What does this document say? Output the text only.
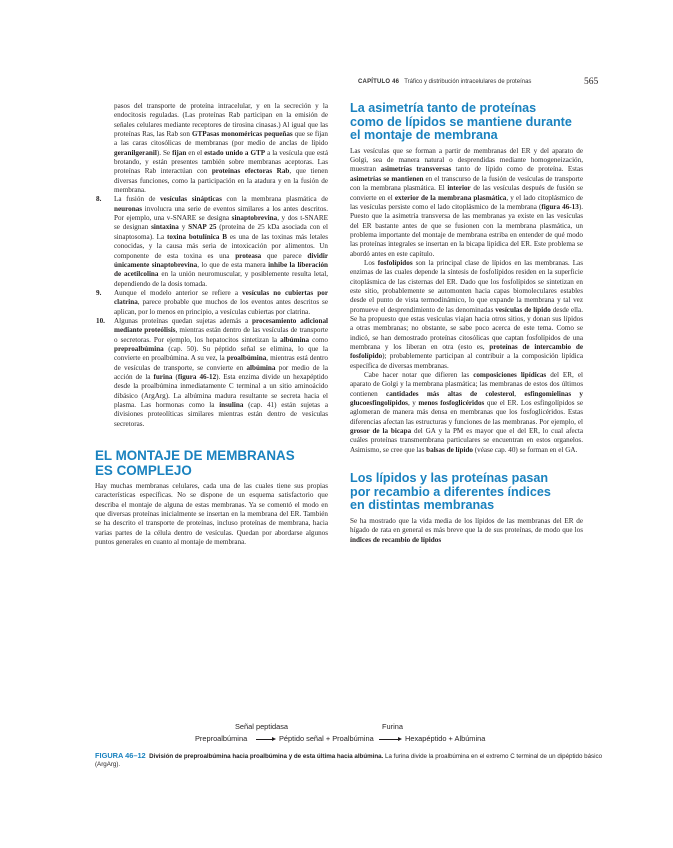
CAPÍTULO 46 Tráfico y distribución intracelulares de proteínas	565

pasos del transporte de proteína intracelular, y en la secreción y la endocitosis reguladas. (Las proteínas Rab participan en la emisión de señales celulares mediante receptores de tirosina cinasas.) Al igual que las proteínas Ras, las Rab son GTPasas monoméricas pequeñas que se fijan a las caras citosólicas de membranas (por medio de anclas de lípido geranilgeranil). Se fijan en el estado unido a GTP a la vesícula que está brotando, y están presentes también sobre membranas aceptoras. Las proteínas Rab interactúan con proteínas efectoras Rab, que tienen diversas funciones, como la participación en la atadura y en la fusión de membrana.

8. La fusión de vesículas sinápticas con la membrana plasmática de neuronas involucra una serie de eventos similares a los antes descritos. Por ejemplo, una v-SNARE se designa sinaptobrevina, y dos t-SNARE se designan sintaxina y SNAP 25 (proteína de 25 kDa asociada con el sinaptosoma). La toxina botulínica B es una de las toxinas más letales conocidas, y la causa más seria de intoxicación por alimentos. Un componente de esta toxina es una proteasa que parece dividir únicamente sinaptobrevina, lo que de esta manera inhibe la liberación de acetilcolina en la unión neuromuscular, y posiblemente resulta letal, dependiendo de la dosis tomada.
9. Aunque el modelo anterior se refiere a vesículas no cubiertas por clatrina, parece probable que muchos de los eventos antes descritos se aplican, por lo menos en principio, a vesículas cubiertas por clatrina.
10. Algunas proteínas quedan sujetas además a procesamiento adicional mediante proteólisis, mientras están dentro de las vesículas de transporte o secretoras. Por ejemplo, los hepatocitos sintetizan la albúmina como preproalbúmina (cap. 50). Su péptido señal se elimina, lo que la convierte en proalbúmina. A su vez, la proalbúmina, mientras está dentro de vesículas de transporte, se convierte en albúmina por medio de la acción de la furina (figura 46-12). Esta enzima divide un hexapéptido desde la proalbúmina inmediatamente C terminal a un sitio aminoácido dibásico (ArgArg). La albúmina madura resultante se secreta hacia el plasma. Las hormonas como la insulina (cap. 41) están sujetas a divisiones proteolíticas similares mientras están dentro de vesículas secretoras.
EL MONTAJE DE MEMBRANAS
ES COMPLEJO

Hay muchas membranas celulares, cada una de las cuales tiene sus propias características específicas. No se dispone de un esquema satisfactorio que describa el montaje de alguna de estas membranas. Ya se comentó el modo en que diversas proteínas inicialmente se insertan en la membrana del ER. También se ha descrito el transporte de proteínas, incluso proteínas de membrana, hacia varias partes de la célula dentro de vesículas. Quedan por abordarse algunos puntos generales en cuanto al montaje de membrana.

La asimetría tanto de proteínas
como de lípidos se mantiene durante
el montaje de membrana

Las vesículas que se forman a partir de membranas del ER y del aparato de Golgi, sea de manera natural o desprendidas mediante homogeneización, muestran asimetrías transversas tanto de lípido como de proteína. Estas asimetrías se mantienen en el transcurso de la fusión de vesículas de transporte con la membrana plasmática. El interior de las vesículas después de fusión se convierte en el exterior de la membrana plasmática, y el lado citoplásmico de las vesículas persiste como el lado citoplásmico de la membrana (figura 46-13). Puesto que la asimetría transversa de las membranas ya existe en las vesículas del ER bastante antes de que se fusionen con la membrana plasmática, un problema importante del montaje de membrana estriba en entender de qué modo las proteínas integrales se insertan en la bicapa lipídica del ER. Este problema se abordó antes en este capítulo.

Los fosfolípidos son la principal clase de lípidos en las membranas. Las enzimas de las cuales depende la síntesis de fosfolípidos residen en la superficie citoplásmica de las cisternas del ER. Dado que los fosfolípidos se sintetizan en este sitio, probablemente se automonten hacia capas biomoleculares estables desde el punto de vista termodinámico, lo que expande la membrana y tal vez promueve el desprendimiento de las denominadas vesículas de lípido desde ella. Se ha propuesto que estas vesículas viajan hacia otros sitios, y donan sus lípidos a otras membranas; no obstante, se sabe poco acerca de este tema. Como se indicó, se han demostrado proteínas citosólicas que captan fosfolípidos de una membrana y los liberan en otra (esto es, proteínas de intercambio de fosfolípido); probablemente participan al contribuir a la composición lipídica específica de diversas membranas.

Cabe hacer notar que difieren las composiciones lipídicas del ER, el aparato de Golgi y la membrana plasmática; las membranas de estos dos últimos contienen cantidades más altas de colesterol, esfingomielinas y glucoesfingolípidos, y menos fosfoglicéridos que el ER. Los esfingolípidos se aglomeran de manera más densa en membranas que los fosfoglicéridos. Estas diferencias afectan las estructuras y funciones de las membranas. Por ejemplo, el grosor de la bicapa del GA y la PM es mayor que el del ER, lo cual afecta cuáles proteínas transmembrana particulares se encuentran en estos organelos. Asimismo, se cree que las balsas de lípido (véase cap. 40) se forman en el GA.

Los lípidos y las proteínas pasan
por recambio a diferentes índices
en distintas membranas

Se ha mostrado que la vida media de los lípidos de las membranas del ER de hígado de rata en general es más breve que la de sus proteínas, de modo que los índices de recambio de lípidos

Señal peptidasa	Furina
Preproalbúmina	Péptido señal + Proalbúmina	Hexapéptido + Albúmina
FIGURA 46–12 División de preproalbúmina hacia proalbúmina y de esta última hacia albúmina. La furina divide la proalbúmina en el extremo C terminal de un dipéptido básico (ArgArg).
